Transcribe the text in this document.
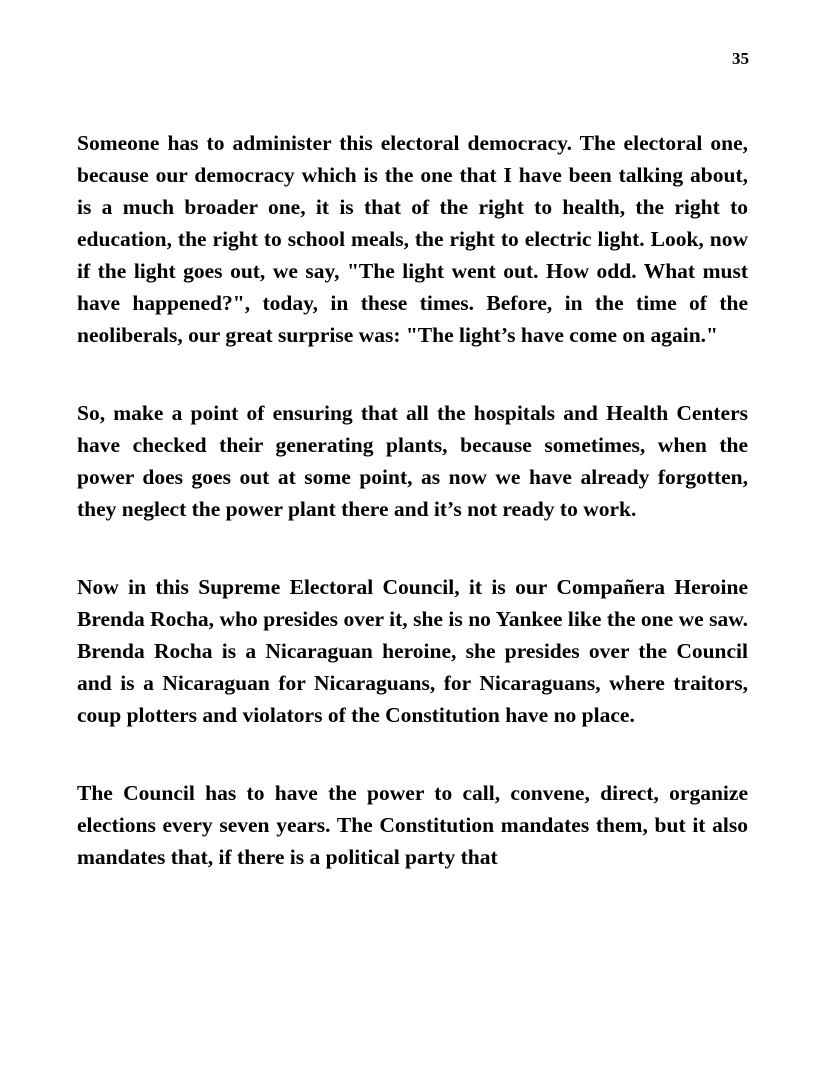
35

Someone has to administer this electoral democracy. The electoral one, because our democracy which is the one that I have been talking about, is a much broader one, it is that of the right to health, the right to education, the right to school meals, the right to electric light. Look, now if the light goes out, we say, "The light went out. How odd. What must have happened?", today, in these times. Before, in the time of the neoliberals, our great surprise was: "The light’s have come on again."

So, make a point of ensuring that all the hospitals and Health Centers have checked their generating plants, because sometimes, when the power does goes out at some point, as now we have already forgotten, they neglect the power plant there and it’s not ready to work.

Now in this Supreme Electoral Council, it is our Compañera Heroine Brenda Rocha, who presides over it, she is no Yankee like the one we saw. Brenda Rocha is a Nicaraguan heroine, she presides over the Council and is a Nicaraguan for Nicaraguans, for Nicaraguans, where traitors, coup plotters and violators of the Constitution have no place.

The Council has to have the power to call, convene, direct, organize elections every seven years. The Constitution mandates them, but it also mandates that, if there is a political party that
